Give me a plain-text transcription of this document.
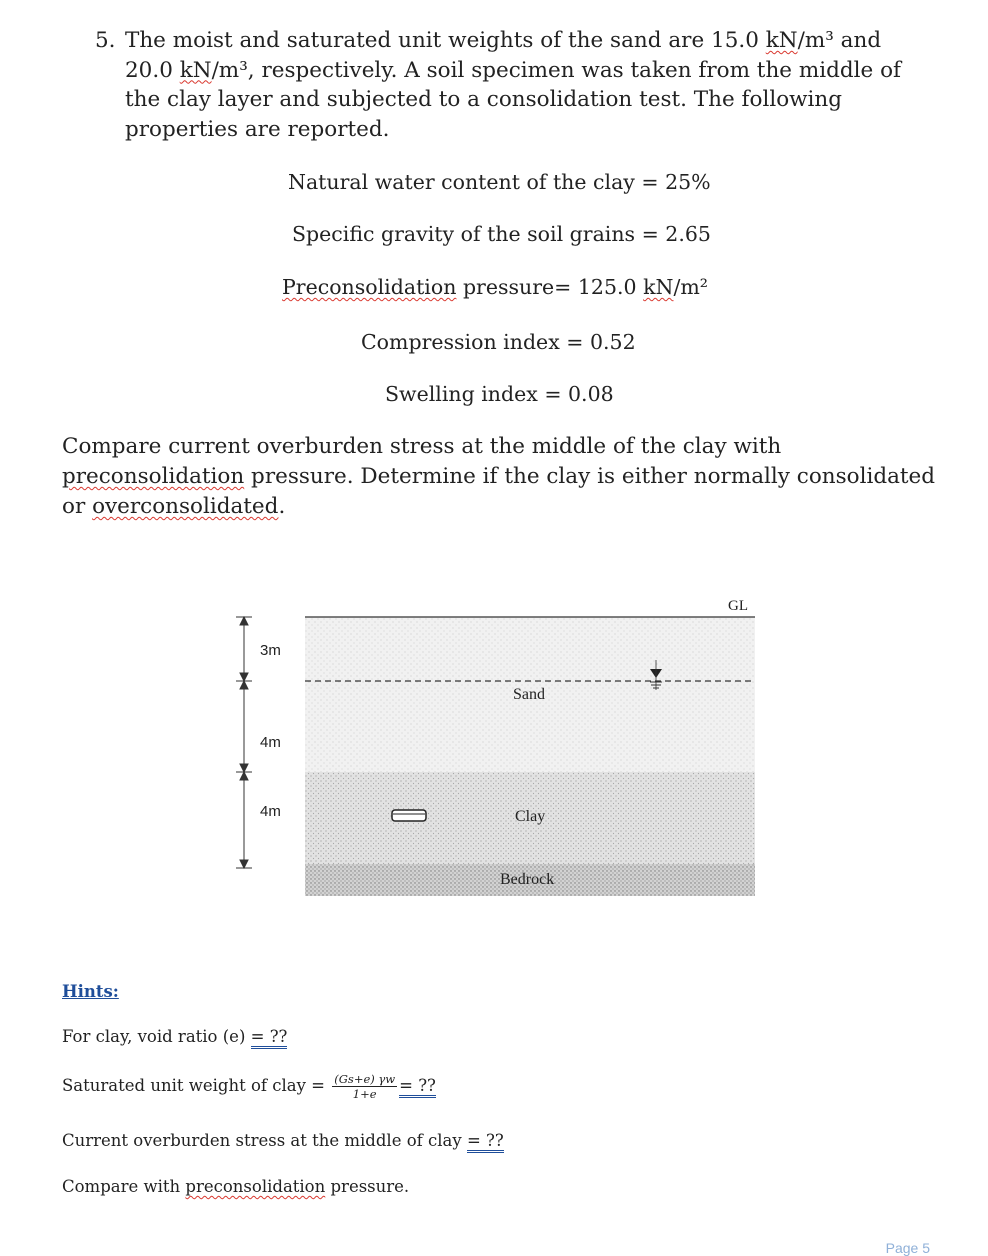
5. The moist and saturated unit weights of the sand are 15.0 kN/m³ and 20.0 kN/m³, respectively. A soil specimen was taken from the middle of the clay layer and subjected to a consolidation test. The following properties are reported.
Natural water content of the clay = 25%
Specific gravity of the soil grains = 2.65
Preconsolidation pressure= 125.0 kN/m²
Compression index = 0.52
Swelling index = 0.08
Compare current overburden stress at the middle of the clay with preconsolidation pressure. Determine if the clay is either normally consolidated or overconsolidated.
GL
Sand
Clay
Bedrock
3m
4m
4m
Hints:
For clay, void ratio (e) = ??
Saturated unit weight of clay = $\frac{(Gs+e) \gamma w}{1+e}$ = ??
Current overburden stress at the middle of clay = ??
Compare with preconsolidation pressure.
Page 5
